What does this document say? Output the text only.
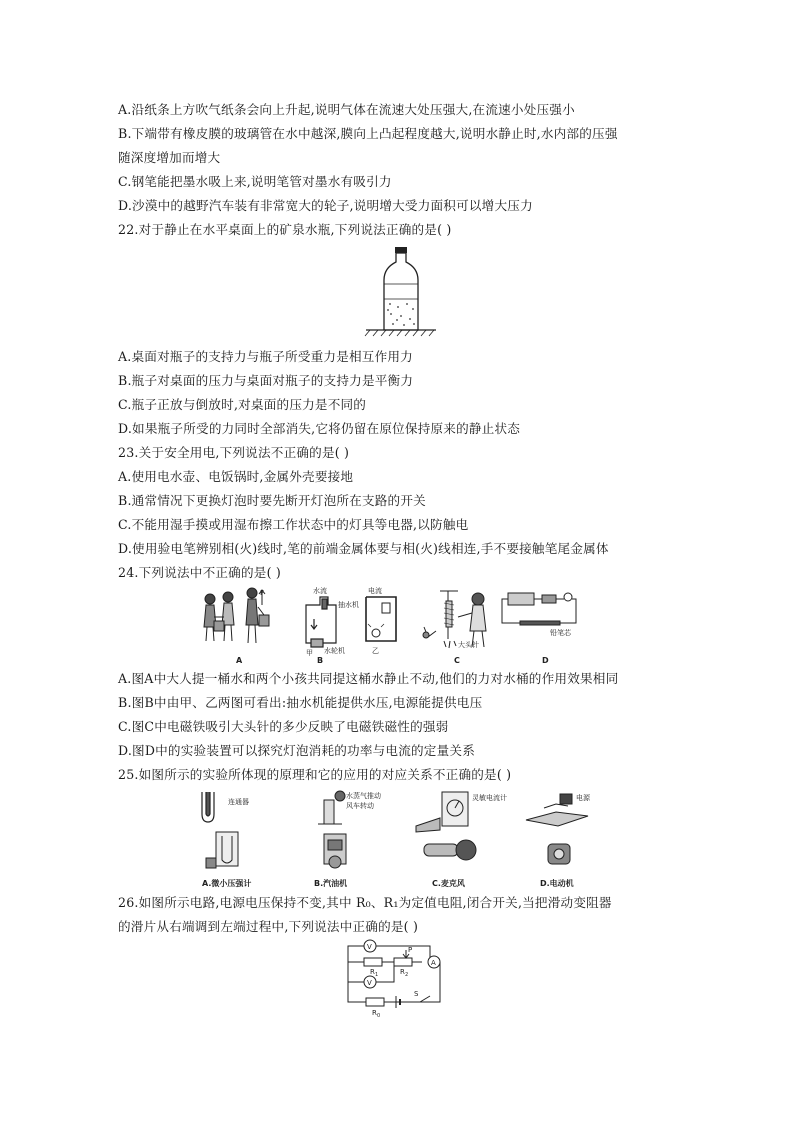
A.沿纸条上方吹气纸条会向上升起,说明气体在流速大处压强大,在流速小处压强小
B.下端带有橡皮膜的玻璃管在水中越深,膜向上凸起程度越大,说明水静止时,水内部的压强
随深度增加而增大
C.钢笔能把墨水吸上来,说明笔管对墨水有吸引力
D.沙漠中的越野汽车装有非常宽大的轮子,说明增大受力面积可以增大压力
22.对于静止在水平桌面上的矿泉水瓶,下列说法正确的是( )
A.桌面对瓶子的支持力与瓶子所受重力是相互作用力
B.瓶子对桌面的压力与桌面对瓶子的支持力是平衡力
C.瓶子正放与倒放时,对桌面的压力是不同的
D.如果瓶子所受的力同时全部消失,它将仍留在原位保持原来的静止状态
23.关于安全用电,下列说法不正确的是( )
A.使用电水壶、电饭锅时,金属外壳要接地
B.通常情况下更换灯泡时要先断开灯泡所在支路的开关
C.不能用湿手摸或用湿布擦工作状态中的灯具等电器,以防触电
D.使用验电笔辨别相(火)线时,笔的前端金属体要与相(火)线相连,手不要接触笔尾金属体
24.下列说法中不正确的是( )
F
A
水流
抽水机
水轮机
甲
B
电流
乙
大头针
C
铅笔芯
D
A.图A中大人提一桶水和两个小孩共同提这桶水静止不动,他们的力对水桶的作用效果相同
B.图B中由甲、乙两图可看出:抽水机能提供水压,电源能提供电压
C.图C中电磁铁吸引大头针的多少反映了电磁铁磁性的强弱
D.图D中的实验装置可以探究灯泡消耗的功率与电流的定量关系
25.如图所示的实验所体现的原理和它的应用的对应关系不正确的是( )
连通器
A.微小压强计
水蒸气推动
风车转动
B.汽油机
灵敏电流计
C.麦克风
电源
D.电动机
26.如图所示电路,电源电压保持不变,其中 R₀、R₁为定值电阻,闭合开关,当把滑动变阻器
的滑片从右端调到左端过程中,下列说法中正确的是( )
V
V
A
R 1	R 2
P
R 0
S
